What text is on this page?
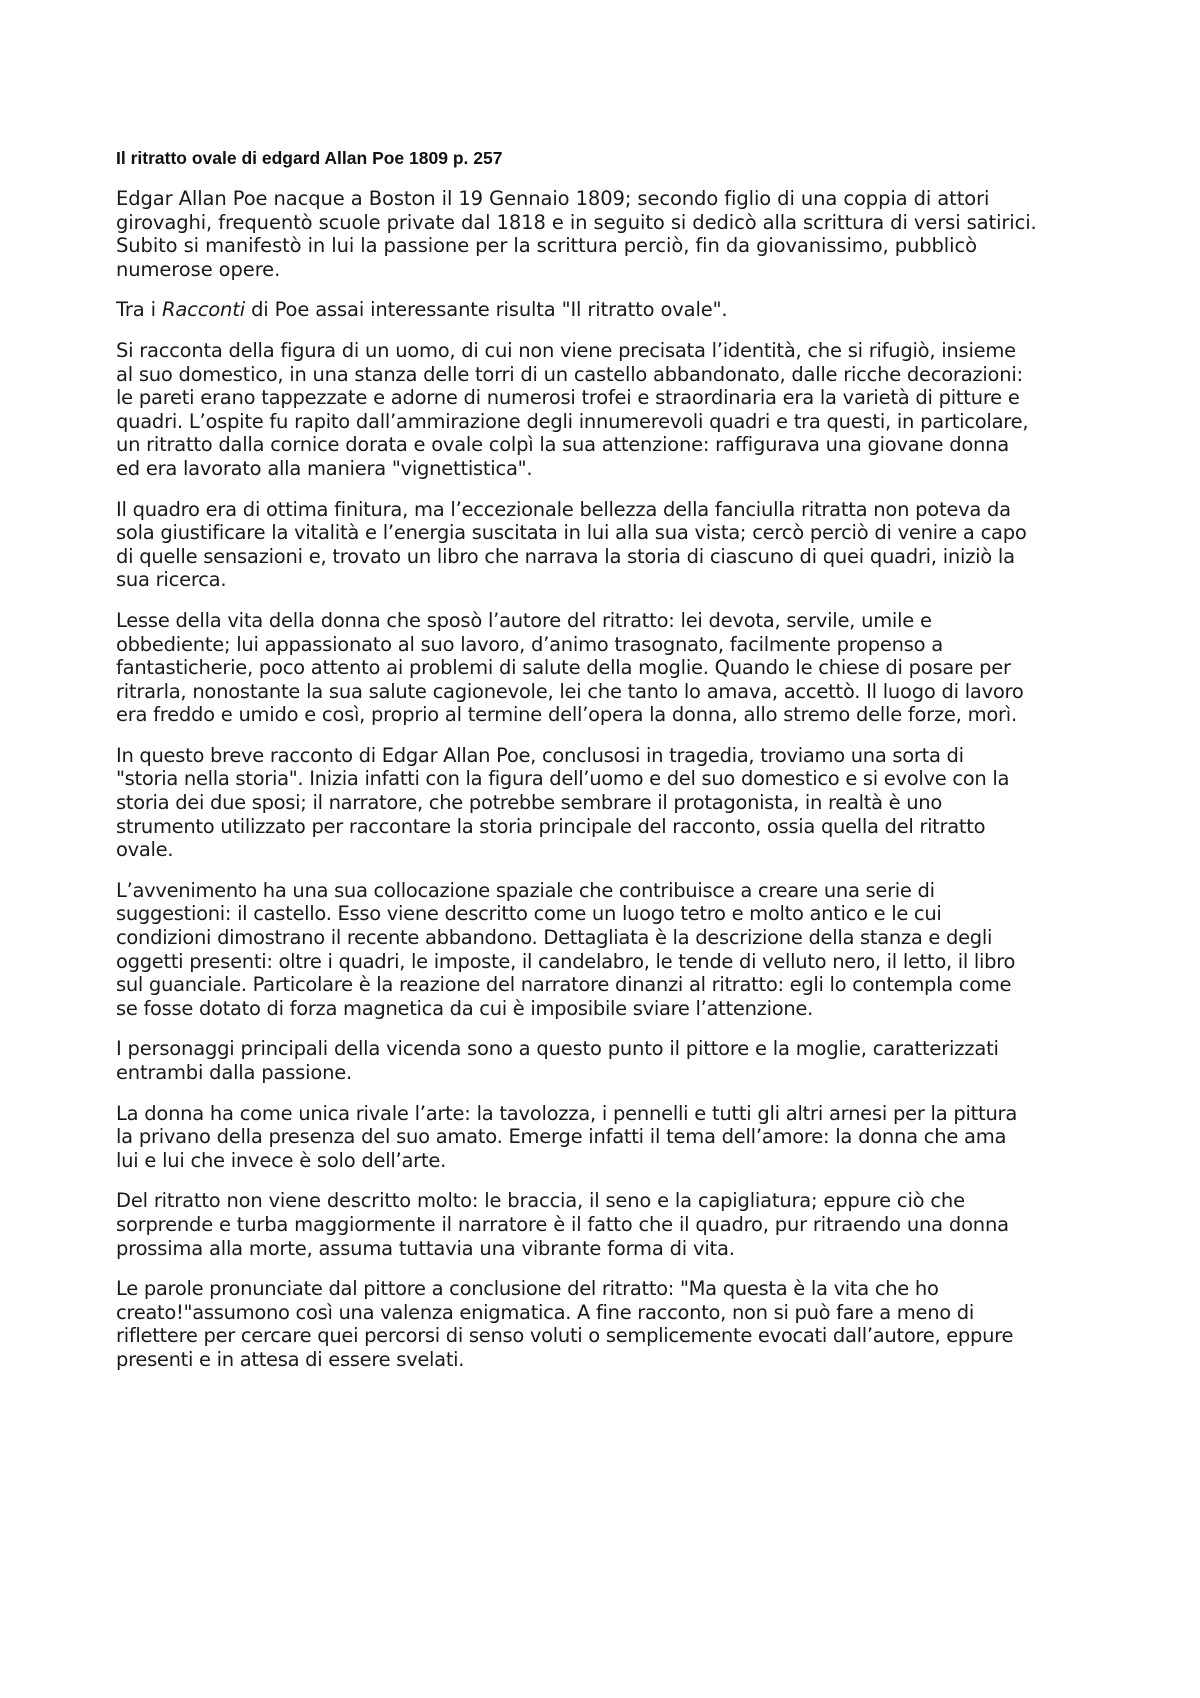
Il ritratto ovale di edgard Allan Poe 1809 p. 257
Edgar Allan Poe nacque a Boston il 19 Gennaio 1809; secondo figlio di una coppia di attori
girovaghi, frequentò scuole private dal 1818 e in seguito si dedicò alla scrittura di versi satirici.
Subito si manifestò in lui la passione per la scrittura perciò, fin da giovanissimo, pubblicò
numerose opere.
Tra i Racconti di Poe assai interessante risulta "Il ritratto ovale".
Si racconta della figura di un uomo, di cui non viene precisata l’identità, che si rifugiò, insieme
al suo domestico, in una stanza delle torri di un castello abbandonato, dalle ricche decorazioni:
le pareti erano tappezzate e adorne di numerosi trofei e straordinaria era la varietà di pitture e
quadri. L’ospite fu rapito dall’ammirazione degli innumerevoli quadri e tra questi, in particolare,
un ritratto dalla cornice dorata e ovale colpì la sua attenzione: raffigurava una giovane donna
ed era lavorato alla maniera "vignettistica".
Il quadro era di ottima finitura, ma l’eccezionale bellezza della fanciulla ritratta non poteva da
sola giustificare la vitalità e l’energia suscitata in lui alla sua vista; cercò perciò di venire a capo
di quelle sensazioni e, trovato un libro che narrava la storia di ciascuno di quei quadri, iniziò la
sua ricerca.
Lesse della vita della donna che sposò l’autore del ritratto: lei devota, servile, umile e
obbediente; lui appassionato al suo lavoro, d’animo trasognato, facilmente propenso a
fantasticherie, poco attento ai problemi di salute della moglie. Quando le chiese di posare per
ritrarla, nonostante la sua salute cagionevole, lei che tanto lo amava, accettò. Il luogo di lavoro
era freddo e umido e così, proprio al termine dell’opera la donna, allo stremo delle forze, morì.
In questo breve racconto di Edgar Allan Poe, conclusosi in tragedia, troviamo una sorta di
"storia nella storia". Inizia infatti con la figura dell’uomo e del suo domestico e si evolve con la
storia dei due sposi; il narratore, che potrebbe sembrare il protagonista, in realtà è uno
strumento utilizzato per raccontare la storia principale del racconto, ossia quella del ritratto
ovale.
L’avvenimento ha una sua collocazione spaziale che contribuisce a creare una serie di
suggestioni: il castello. Esso viene descritto come un luogo tetro e molto antico e le cui
condizioni dimostrano il recente abbandono. Dettagliata è la descrizione della stanza e degli
oggetti presenti: oltre i quadri, le imposte, il candelabro, le tende di velluto nero, il letto, il libro
sul guanciale. Particolare è la reazione del narratore dinanzi al ritratto: egli lo contempla come
se fosse dotato di forza magnetica da cui è imposibile sviare l’attenzione.
I personaggi principali della vicenda sono a questo punto il pittore e la moglie, caratterizzati
entrambi dalla passione.
La donna ha come unica rivale l’arte: la tavolozza, i pennelli e tutti gli altri arnesi per la pittura
la privano della presenza del suo amato. Emerge infatti il tema dell’amore: la donna che ama
lui e lui che invece è solo dell’arte.
Del ritratto non viene descritto molto: le braccia, il seno e la capigliatura; eppure ciò che
sorprende e turba maggiormente il narratore è il fatto che il quadro, pur ritraendo una donna
prossima alla morte, assuma tuttavia una vibrante forma di vita.
Le parole pronunciate dal pittore a conclusione del ritratto: "Ma questa è la vita che ho
creato!"assumono così una valenza enigmatica. A fine racconto, non si può fare a meno di
riflettere per cercare quei percorsi di senso voluti o semplicemente evocati dall’autore, eppure
presenti e in attesa di essere svelati.
